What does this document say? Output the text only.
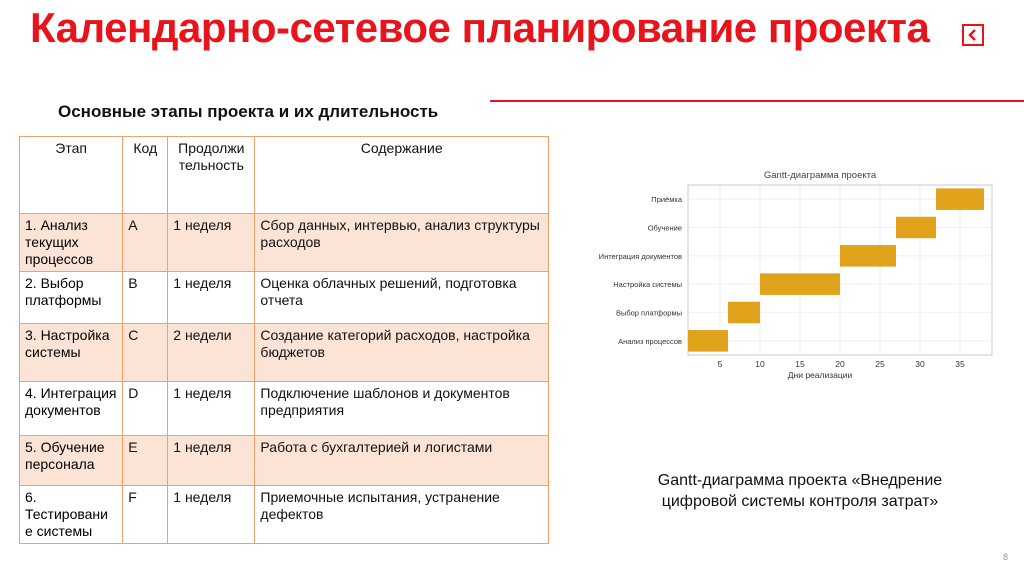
Календарно-сетевое планирование проекта
Основные этапы проекта и их длительность
Этап	Код	Продолжи тельность	Содержание
1. Анализ текущих процессов	A	1 неделя	Сбор данных, интервью, анализ структуры расходов
2. Выбор платформы	B	1 неделя	Оценка облачных решений, подготовка отчета
3. Настройка системы	C	2 недели	Создание категорий расходов, настройка бюджетов
4. Интеграция документов	D	1 неделя	Подключение шаблонов и документов предприятия
5. Обучение персонала	E	1 неделя	Работа с бухгалтерией и логистами
6. Тестировани е системы	F	1 неделя	Приемочные испытания, устранение дефектов
5	10	15	20	25	30	35
Анализ процессов
Выбор платформы
Настройка системы
Интеграция документов
Обучение
Приёмка
Gantt-диаграмма проекта
Дни реализации
Gantt-диаграмма проекта «Внедрение цифровой системы контроля затрат»
8
